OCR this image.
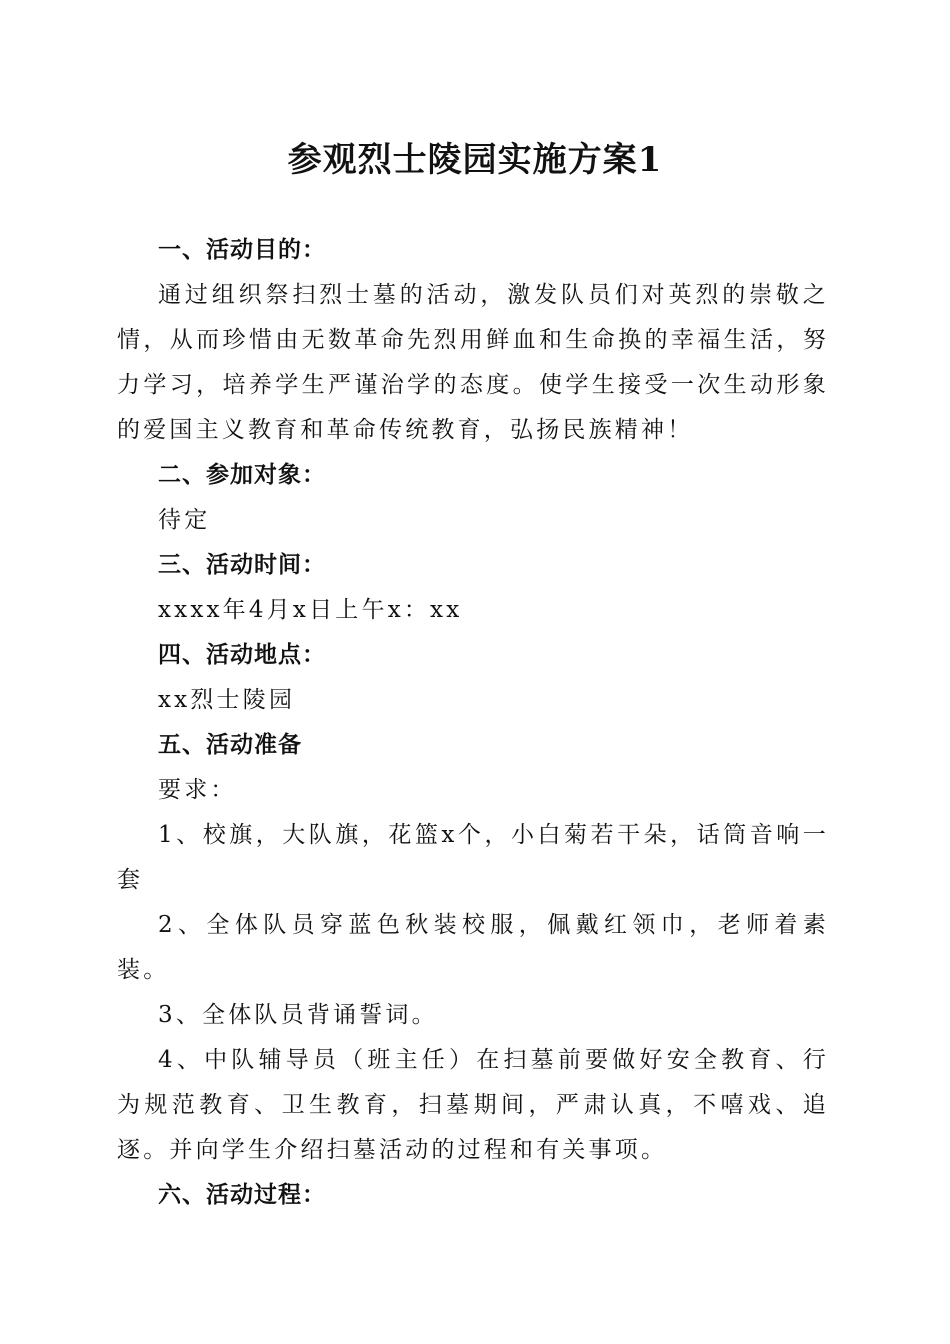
参观烈士陵园实施方案1

一、活动目的：

通过组织祭扫烈士墓的活动，激发队员们对英烈的崇敬之情，从而珍惜由无数革命先烈用鲜血和生命换的幸福生活，努力学习，培养学生严谨治学的态度。使学生接受一次生动形象的爱国主义教育和革命传统教育，弘扬民族精神！

二、参加对象：

待定

三、活动时间：

xxxx年4月x日上午x：xx

四、活动地点：

xx烈士陵园

五、活动准备

要求：

1、校旗，大队旗，花篮x个，小白菊若干朵，话筒音响一套

2、全体队员穿蓝色秋装校服，佩戴红领巾，老师着素装。

3、全体队员背诵誓词。

4、中队辅导员（班主任）在扫墓前要做好安全教育、行为规范教育、卫生教育，扫墓期间，严肃认真，不嘻戏、追逐。并向学生介绍扫墓活动的过程和有关事项。

六、活动过程：
